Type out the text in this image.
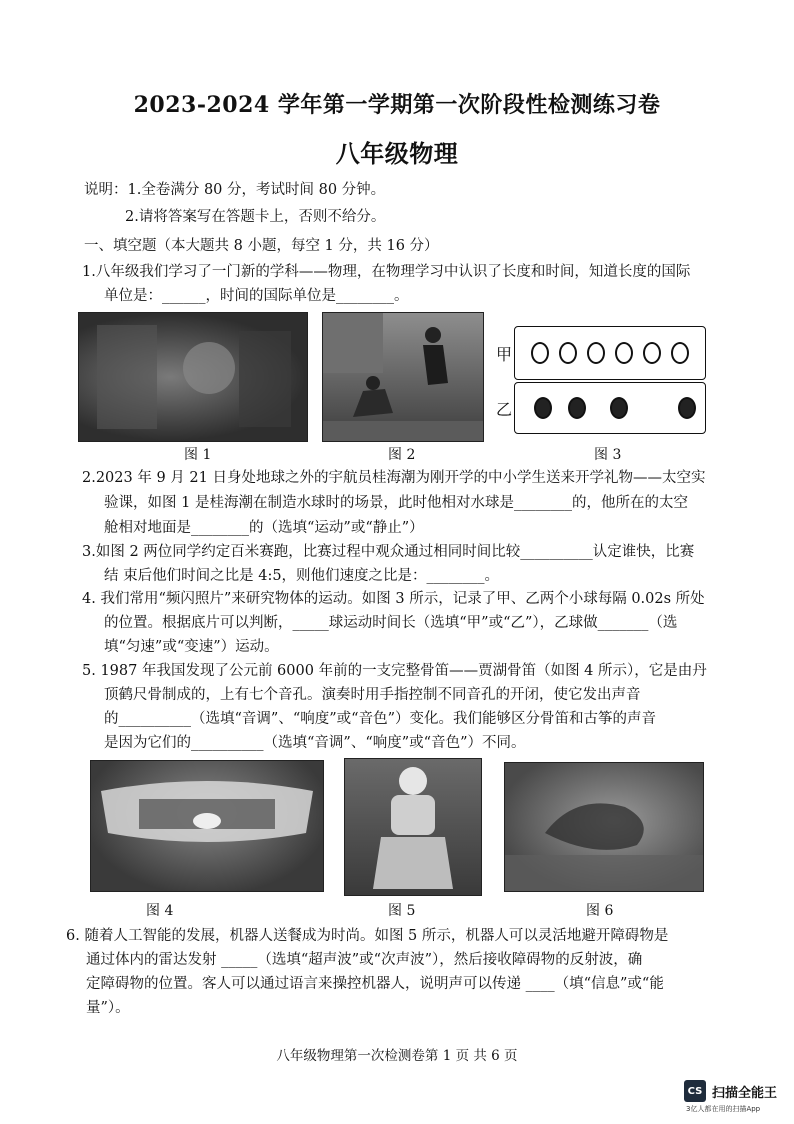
2023-2024 学年第一学期第一次阶段性检测练习卷
八年级物理
说明：1.全卷满分 80 分，考试时间 80 分钟。
2.请将答案写在答题卡上，否则不给分。
一、填空题（本大题共 8 小题，每空 1 分，共 16 分）
1.八年级我们学习了一门新的学科——物理，在物理学习中认识了长度和时间，知道长度的国际
单位是：______，时间的国际单位是________。
甲
乙
图 1	图 2	图 3
2.2023 年 9 月 21 日身处地球之外的宇航员桂海潮为刚开学的中小学生送来开学礼物——太空实
验课，如图 1 是桂海潮在制造水球时的场景，此时他相对水球是________的，他所在的太空
舱相对地面是________的（选填“运动”或“静止”）
3.如图 2 两位同学约定百米赛跑，比赛过程中观众通过相同时间比较__________认定谁快，比赛
结 束后他们时间之比是 4:5，则他们速度之比是：________。
4. 我们常用“频闪照片”来研究物体的运动。如图 3 所示，记录了甲、乙两个小球每隔 0.02s 所处
的位置。根据底片可以判断，_____球运动时间长（选填“甲”或“乙”），乙球做_______（选
填“匀速”或“变速”）运动。
5. 1987 年我国发现了公元前 6000 年前的一支完整骨笛——贾湖骨笛（如图 4 所示），它是由丹
顶鹤尺骨制成的，上有七个音孔。演奏时用手指控制不同音孔的开闭，使它发出声音
的__________（选填“音调”、“响度”或“音色”）变化。我们能够区分骨笛和古筝的声音
是因为它们的__________（选填“音调”、“响度”或“音色”）不同。
图 4	图 5	图 6
6. 随着人工智能的发展，机器人送餐成为时尚。如图 5 所示，机器人可以灵活地避开障碍物是
通过体内的雷达发射 _____（选填“超声波”或“次声波”），然后接收障碍物的反射波，确
定障碍物的位置。客人可以通过语言来操控机器人，说明声可以传递 ____（填“信息”或“能
量”）。
八年级物理第一次检测卷第 1 页 共 6 页
CS 扫描全能王
3亿人都在用的扫描App
